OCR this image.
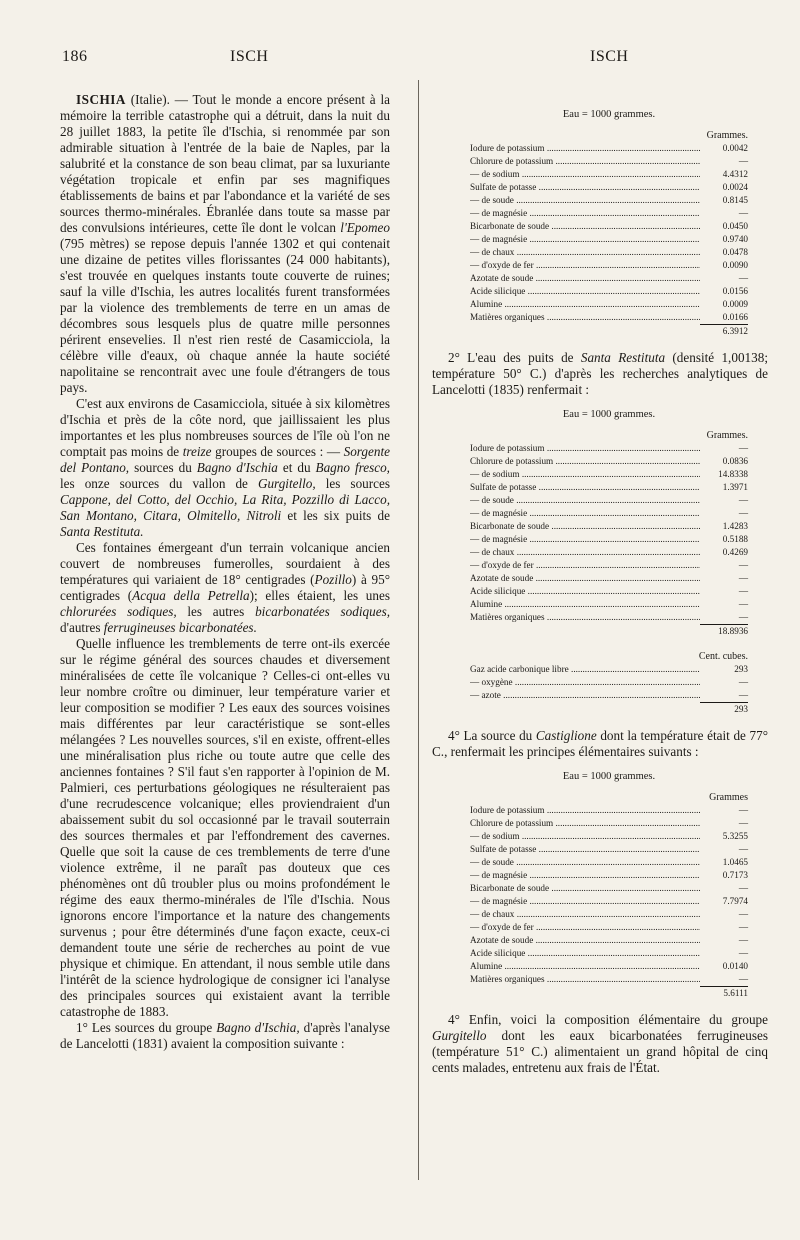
186	ISCH	ISCH

ISCHIA (Italie). — Tout le monde a encore présent à la mémoire la terrible catastrophe qui a détruit, dans la nuit du 28 juillet 1883, la petite île d'Ischia, si renommée par son admirable situation à l'entrée de la baie de Naples, par la salubrité et la constance de son beau climat, par sa luxuriante végétation tropicale et enfin par ses magnifiques établissements de bains et par l'abondance et la variété de ses sources thermo-minérales. Ébranlée dans toute sa masse par des convulsions intérieures, cette île dont le volcan l'Epomeo (795 mètres) se repose depuis l'année 1302 et qui contenait une dizaine de petites villes florissantes (24 000 habitants), s'est trouvée en quelques instants toute couverte de ruines; sauf la ville d'Ischia, les autres localités furent transformées par la violence des tremblements de terre en un amas de décombres sous lesquels plus de quatre mille personnes périrent ensevelies. Il n'est rien resté de Casamicciola, la célèbre ville d'eaux, où chaque année la haute société napolitaine se rencontrait avec une foule d'étrangers de tous pays.

C'est aux environs de Casamicciola, située à six kilomètres d'Ischia et près de la côte nord, que jaillissaient les plus importantes et les plus nombreuses sources de l'île où l'on ne comptait pas moins de treize groupes de sources : — Sorgente del Pontano, sources du Bagno d'Ischia et du Bagno fresco, les onze sources du vallon de Gurgitello, les sources Cappone, del Cotto, del Occhio, La Rita, Pozzillo di Lacco, San Montano, Citara, Olmitello, Nitroli et les six puits de Santa Restituta.

Ces fontaines émergeant d'un terrain volcanique ancien couvert de nombreuses fumerolles, sourdaient à des températures qui variaient de 18° centigrades (Pozillo) à 95° centigrades (Acqua della Petrella); elles étaient, les unes chlorurées sodiques, les autres bicarbonatées sodiques, d'autres ferrugineuses bicarbonatées.

Quelle influence les tremblements de terre ont-ils exercée sur le régime général des sources chaudes et diversement minéralisées de cette île volcanique ? Celles-ci ont-elles vu leur nombre croître ou diminuer, leur température varier et leur composition se modifier ? Les eaux des sources voisines mais différentes par leur caractéristique se sont-elles mélangées ? Les nouvelles sources, s'il en existe, offrent-elles une minéralisation plus riche ou toute autre que celle des anciennes fontaines ? S'il faut s'en rapporter à l'opinion de M. Palmieri, ces perturbations géologiques ne résulteraient pas d'une recrudescence volcanique; elles proviendraient d'un abaissement subit du sol occasionné par le travail souterrain des sources thermales et par l'effondrement des cavernes. Quelle que soit la cause de ces tremblements de terre d'une violence extrême, il ne paraît pas douteux que ces phénomènes ont dû troubler plus ou moins profondément le régime des eaux thermo-minérales de l'île d'Ischia. Nous ignorons encore l'importance et la nature des changements survenus ; pour être déterminés d'une façon exacte, ceux-ci demandent toute une série de recherches au point de vue physique et chimique. En attendant, il nous semble utile dans l'intérêt de la science hydrologique de consigner ici l'analyse des principales sources qui existaient avant la terrible catastrophe de 1883.

1° Les sources du groupe Bagno d'Ischia, d'après l'analyse de Lancelotti (1831) avaient la composition suivante :

Eau = 1000 grammes.
Grammes.
Iodure de potassium .....	0.0042
Chlorure de potassium .....	—
— de sodium .....	4.4312
Sulfate de potasse .....	0.0024
— de soude .....	0.8145
— de magnésie .....	—
Bicarbonate de soude .....	0.0450
— de magnésie .....	0.9740
— de chaux .....	0.0478
— d'oxyde de fer .....	0.0090
Azotate de soude .....	—
Acide silicique .....	0.0156
Alumine .....	0.0009
Matières organiques .....	0.0166
6.3912

2° L'eau des puits de Santa Restituta (densité 1,00138; température 50° C.) d'après les recherches analytiques de Lancelotti (1835) renfermait :

Eau = 1000 grammes.
Grammes.
Iodure de potassium .....	—
Chlorure de potassium .....	0.0836
— de sodium .....	14.8338
Sulfate de potasse .....	1.3971
— de soude .....	—
— de magnésie .....	—
Bicarbonate de soude .....	1.4283
— de magnésie .....	0.5188
— de chaux .....	0.4269
— d'oxyde de fer .....	—
Azotate de soude .....	—
Acide silicique .....	—
Alumine .....	—
Matières organiques .....	—
18.8936
Cent. cubes.
Gaz acide carbonique libre .....	293
— oxygène .....	—
— azote .....	—
293

4° La source du Castiglione dont la température était de 77° C., renfermait les principes élémentaires suivants :

Eau = 1000 grammes.
Grammes
Iodure de potassium .....	—
Chlorure de potassium .....	—
— de sodium .....	5.3255
Sulfate de potasse .....	—
— de soude .....	1.0465
— de magnésie .....	0.7173
Bicarbonate de soude .....	—
— de magnésie .....	7.7974
— de chaux .....	—
— d'oxyde de fer .....	—
Azotate de soude .....	—
Acide silicique .....	—
Alumine .....	0.0140
Matières organiques .....	—
5.6111

4° Enfin, voici la composition élémentaire du groupe Gurgitello dont les eaux bicarbonatées ferrugineuses (température 51° C.) alimentaient un grand hôpital de cinq cents malades, entretenu aux frais de l'État.
